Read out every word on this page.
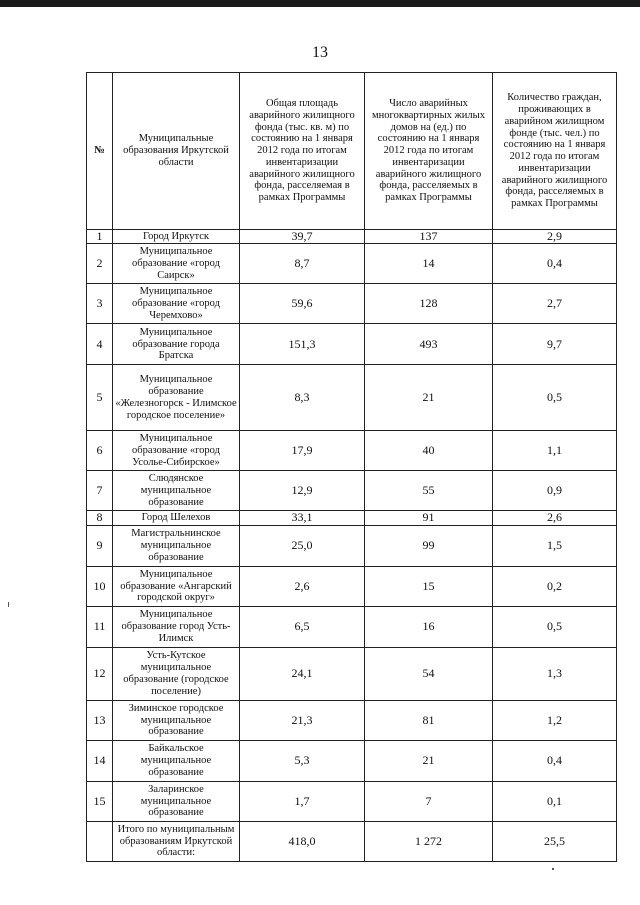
13
№	Муниципальные образования Иркутской области	Общая площадь аварийного жилищного фонда (тыс. кв. м) по состоянию на 1 января 2012 года по итогам инвентаризации аварийного жилищного фонда, расселяемая в рамках Программы	Число аварийных многоквартирных жилых домов на (ед.) по состоянию на 1 января 2012 года по итогам инвентаризации аварийного жилищного фонда, расселяемых в рамках Программы	Количество граждан, проживающих в аварийном жилищном фонде (тыс. чел.) по состоянию на 1 января 2012 года по итогам инвентаризации аварийного жилищного фонда, расселяемых в рамках Программы
1	Город Иркутск	39,7	137	2,9
2	Муниципальное образование «город Саирск»	8,7	14	0,4
3	Муниципальное образование «город Черемхово»	59,6	128	2,7
4	Муниципальное образование города Братска	151,3	493	9,7
5	Муниципальное образование «Железногорск - Илимское городское поселение»	8,3	21	0,5
6	Муниципальное образование «город Усолье-Сибирское»	17,9	40	1,1
7	Слюдянское муниципальное образование	12,9	55	0,9
8	Город Шелехов	33,1	91	2,6
9	Магистральнинское муниципальное образование	25,0	99	1,5
10	Муниципальное образование «Ангарский городской округ»	2,6	15	0,2
11	Муниципальное образование город Усть-Илимск	6,5	16	0,5
12	Усть-Кутское муниципальное образование (городское поселение)	24,1	54	1,3
13	Зиминское городское муниципальное образование	21,3	81	1,2
14	Байкальское муниципальное образование	5,3	21	0,4
15	Заларинское муниципальное образование	1,7	7	0,1
	Итого по муниципальным образованиям Иркутской области:	418,0	1 272	25,5
